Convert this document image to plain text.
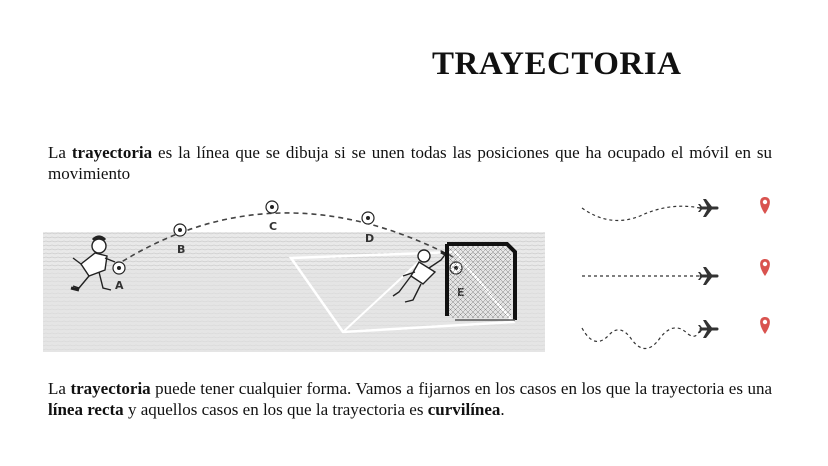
TRAYECTORIA

La trayectoria es la línea que se dibuja si se unen todas las posiciones que ha ocupado el móvil en su movimiento

A
B
C
D

La trayectoria puede tener cualquier forma. Vamos a fijarnos en los casos en los que la trayectoria es una línea recta y aquellos casos en los que la trayectoria es curvilínea.
